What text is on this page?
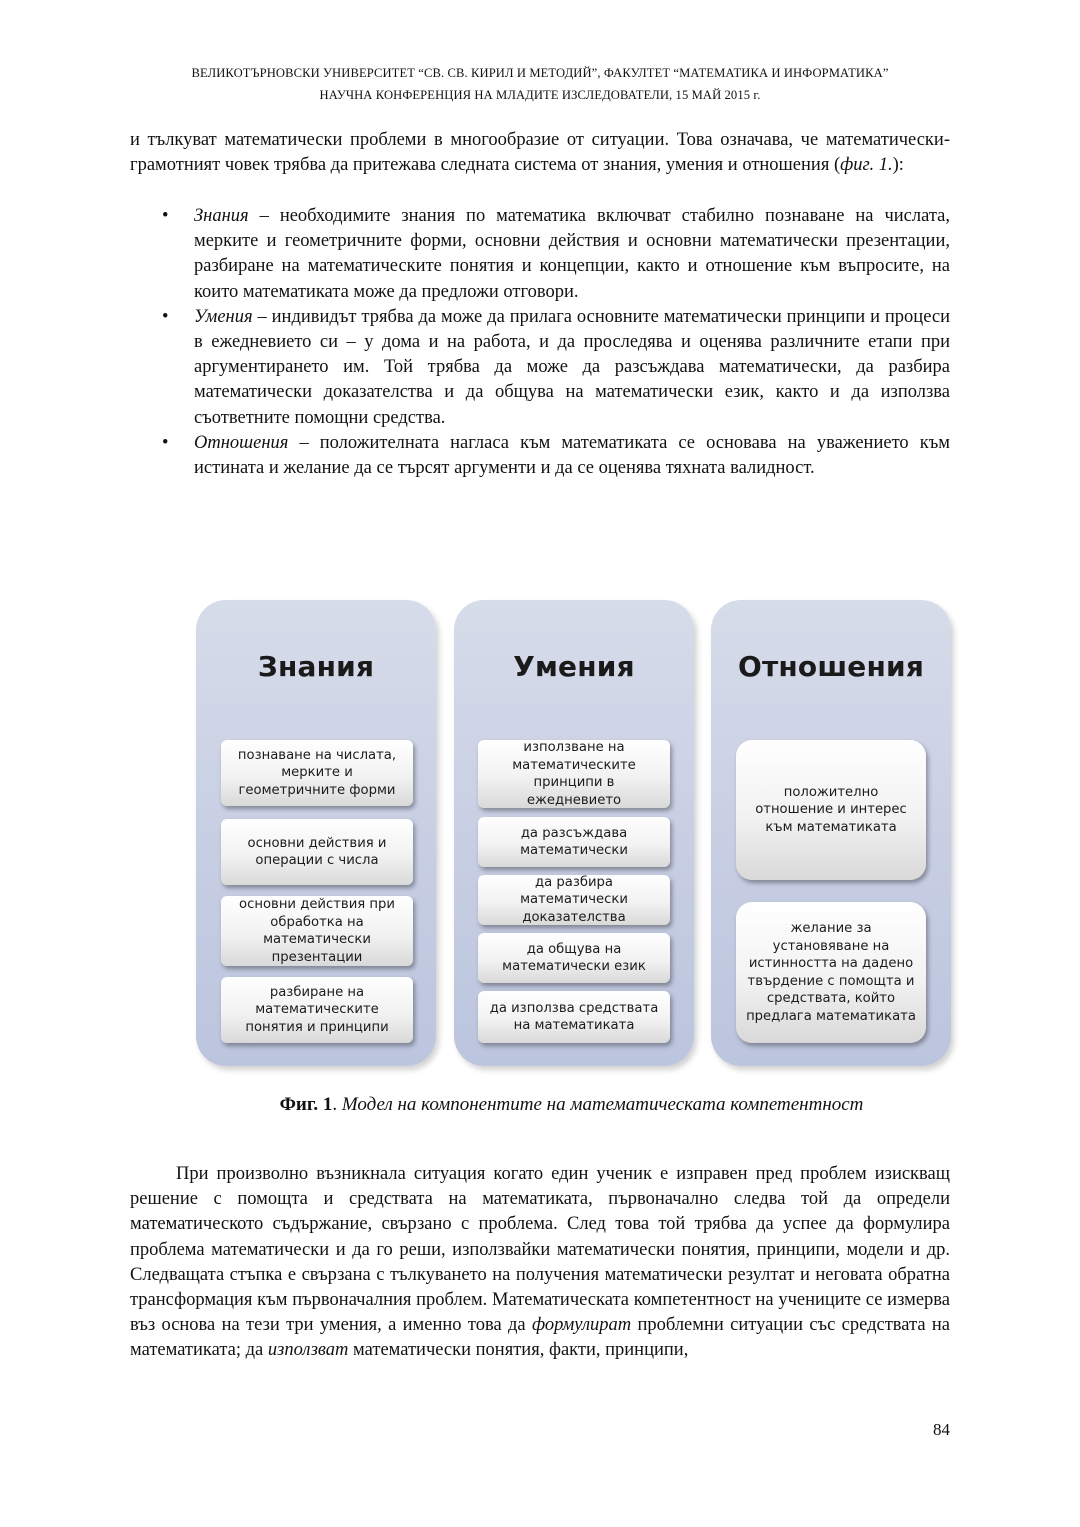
ВЕЛИКОТЪРНОВСКИ УНИВЕРСИТЕТ “СВ. СВ. КИРИЛ И МЕТОДИЙ”, ФАКУЛТЕТ “МАТЕМАТИКА И ИНФОРМАТИКА”
НАУЧНА КОНФЕРЕНЦИЯ НА МЛАДИТЕ ИЗСЛЕДОВАТЕЛИ, 15 МАЙ 2015 г.
и тълкуват математически проблеми в многообразие от ситуации. Това означава, че математически-грамотният човек трябва да притежава следната система от знания, умения и отношения (фиг. 1.):
• Знания – необходимите знания по математика включват стабилно познаване на числата, мерките и геометричните форми, основни действия и основни математически презентации, разбиране на математическите понятия и концепции, както и отношение към въпросите, на които математиката може да предложи отговори.
• Умения – индивидът трябва да може да прилага основните математически принципи и процеси в ежедневието си – у дома и на работа, и да проследява и оценява различните етапи при аргументирането им. Той трябва да може да разсъждава математически, да разбира математически доказателства и да общува на математически език, както и да използва съответните помощни средства.
• Отношения – положителната нагласа към математиката се основава на уважението към истината и желание да се търсят аргументи и да се оценява тяхната валидност.
Знания
познаване на числата, мерките и геометричните форми
основни действия и операции с числа
основни действия при обработка на математически презентации
разбиране на математическите понятия и принципи
Умения
използване на математическите принципи в ежедневието
да разсъждава математически
да разбира математически доказателства
да общува на математически език
да използва средствата на математиката
Отношения
положително отношение и интерес към математиката
желание за установяване на истинността на дадено твърдение с помощта и средствата, който предлага математиката
Фиг. 1. Модел на компонентите на математическата компетентност
При произволно възникнала ситуация когато един ученик е изправен пред проблем изискващ решение с помощта и средствата на математиката, първоначално следва той да определи математическото съдържание, свързано с проблема. След това той трябва да успее да формулира проблема математически и да го реши, използвайки математически понятия, принципи, модели и др. Следващата стъпка е свързана с тълкуването на получения математически резултат и неговата обратна трансформация към първоначалния проблем. Математическата компетентност на учениците се измерва въз основа на тези три умения, а именно това да формулират проблемни ситуации със средствата на математиката; да използват математически понятия, факти, принципи,
84
